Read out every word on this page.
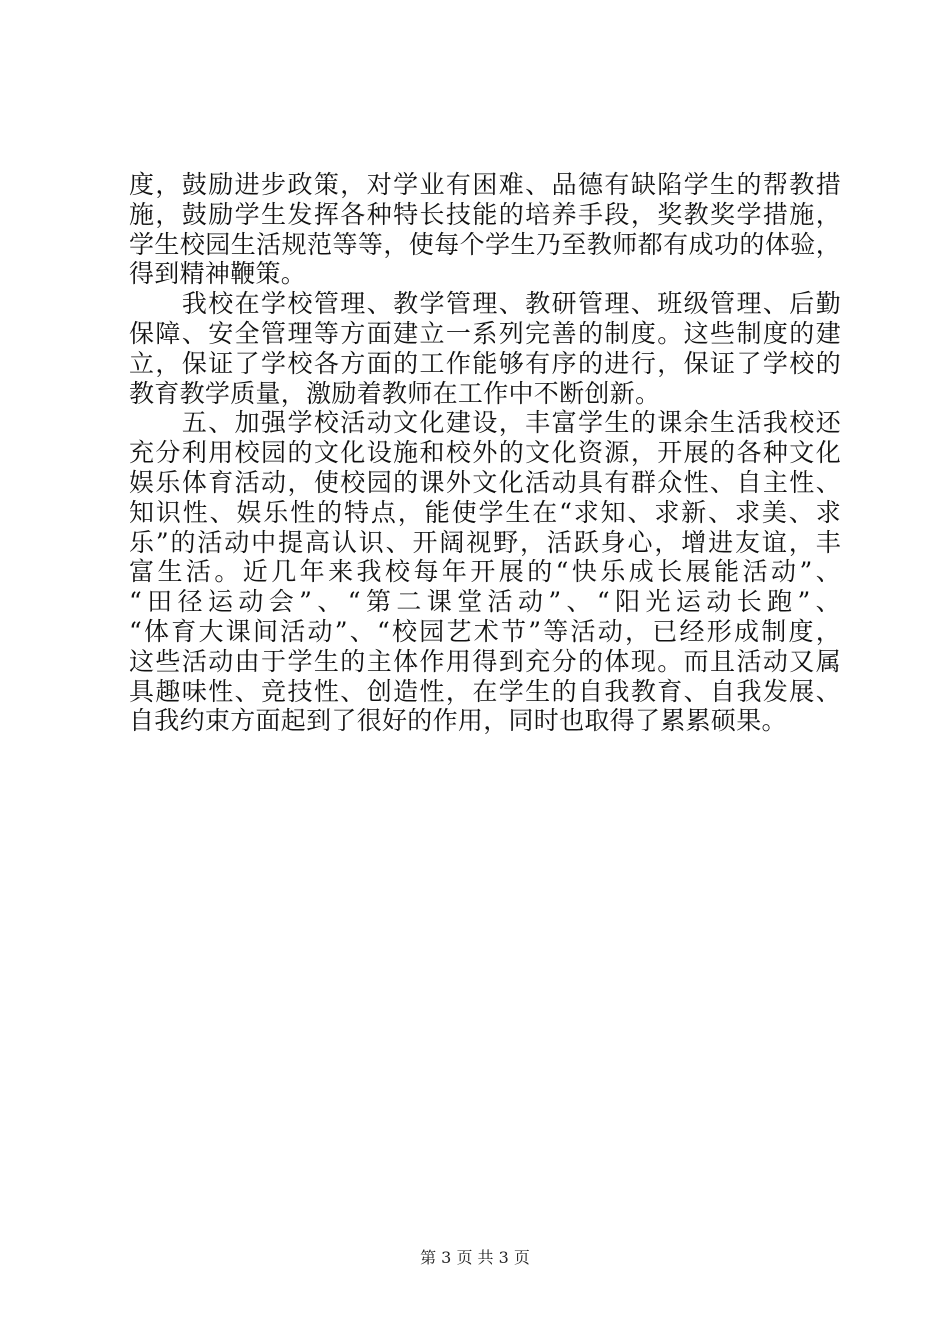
度，鼓励进步政策，对学业有困难、品德有缺陷学生的帮教措
施，鼓励学生发挥各种特长技能的培养手段，奖教奖学措施，
学生校园生活规范等等，使每个学生乃至教师都有成功的体验，
得到精神鞭策。
　　我校在学校管理、教学管理、教研管理、班级管理、后勤
保障、安全管理等方面建立一系列完善的制度。这些制度的建
立，保证了学校各方面的工作能够有序的进行，保证了学校的
教育教学质量，激励着教师在工作中不断创新。
　　五、加强学校活动文化建设，丰富学生的课余生活我校还
充分利用校园的文化设施和校外的文化资源，开展的各种文化
娱乐体育活动，使校园的课外文化活动具有群众性、自主性、
知识性、娱乐性的特点，能使学生在“求知、求新、求美、求
乐”的活动中提高认识、开阔视野，活跃身心，增进友谊，丰
富生活。近几年来我校每年开展的“快乐成长展能活动”、
“田径运动会”、“第二课堂活动”、“阳光运动长跑”、
“体育大课间活动”、“校园艺术节”等活动，已经形成制度，
这些活动由于学生的主体作用得到充分的体现。而且活动又属
具趣味性、竞技性、创造性，在学生的自我教育、自我发展、
自我约束方面起到了很好的作用，同时也取得了累累硕果。
第 3 页 共 3 页
